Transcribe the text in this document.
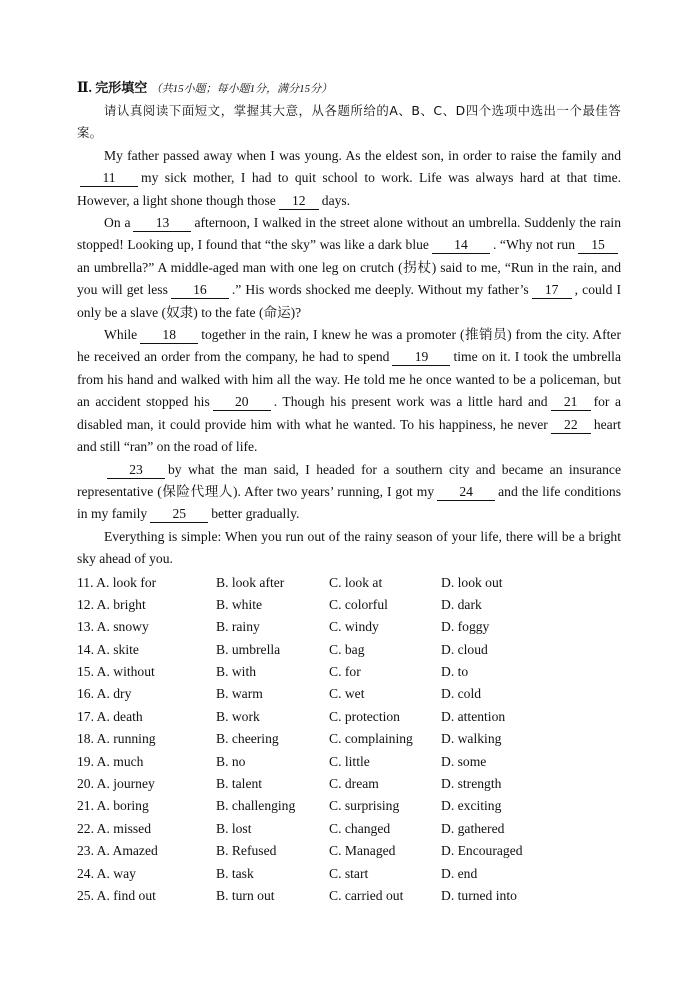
Ⅱ. 完形填空 （共15小题；每小题1分，满分15分）

请认真阅读下面短文，掌握其大意，从各题所给的A、B、C、D四个选项中选出一个最佳答案。

My father passed away when I was young. As the eldest son, in order to raise the family and11 my sick mother, I had to quit school to work. Life was always hard at that time. However, a light shone though those 12 days.

On a 13 afternoon, I walked in the street alone without an umbrella. Suddenly the rain stopped! Looking up, I found that “the sky” was like a dark blue 14 . “Why not run 15an umbrella?” A middle-aged man with one leg on crutch (拐杖) said to me, “Run in the rain, and you will get less 16 .” His words shocked me deeply. Without my father’s 17 , could I only be a slave (奴隶) to the fate (命运)?

While 18 together in the rain, I knew he was a promoter (推销员) from the city. After he received an order from the company, he had to spend 19 time on it. I took the umbrella from his hand and walked with him all the way. He told me he once wanted to be a policeman, but an accident stopped his 20 . Though his present work was a little hard and 21 for a disabled man, it could provide him with what he wanted. To his happiness, he never 22 heart and still “ran” on the road of life.

23 by what the man said, I headed for a southern city and became an insurance representative (保险代理人). After two years’ running, I got my 24 and the life conditions in my family 25 better gradually.

Everything is simple: When you run out of the rainy season of your life, there will be a bright sky ahead of you.

11. A. look for	B. look after	C. look at	D. look out
12. A. bright	B. white	C. colorful	D. dark
13. A. snowy	B. rainy	C. windy	D. foggy
14. A. skite	B. umbrella	C. bag	D. cloud
15. A. without	B. with	C. for	D. to
16. A. dry	B. warm	C. wet	D. cold
17. A. death	B. work	C. protection	D. attention
18. A. running	B. cheering	C. complaining	D. walking
19. A. much	B. no	C. little	D. some
20. A. journey	B. talent	C. dream	D. strength
21. A. boring	B. challenging	C. surprising	D. exciting
22. A. missed	B. lost	C. changed	D. gathered
23. A. Amazed	B. Refused	C. Managed	D. Encouraged
24. A. way	B. task	C. start	D. end
25. A. find out	B. turn out	C. carried out	D. turned into
